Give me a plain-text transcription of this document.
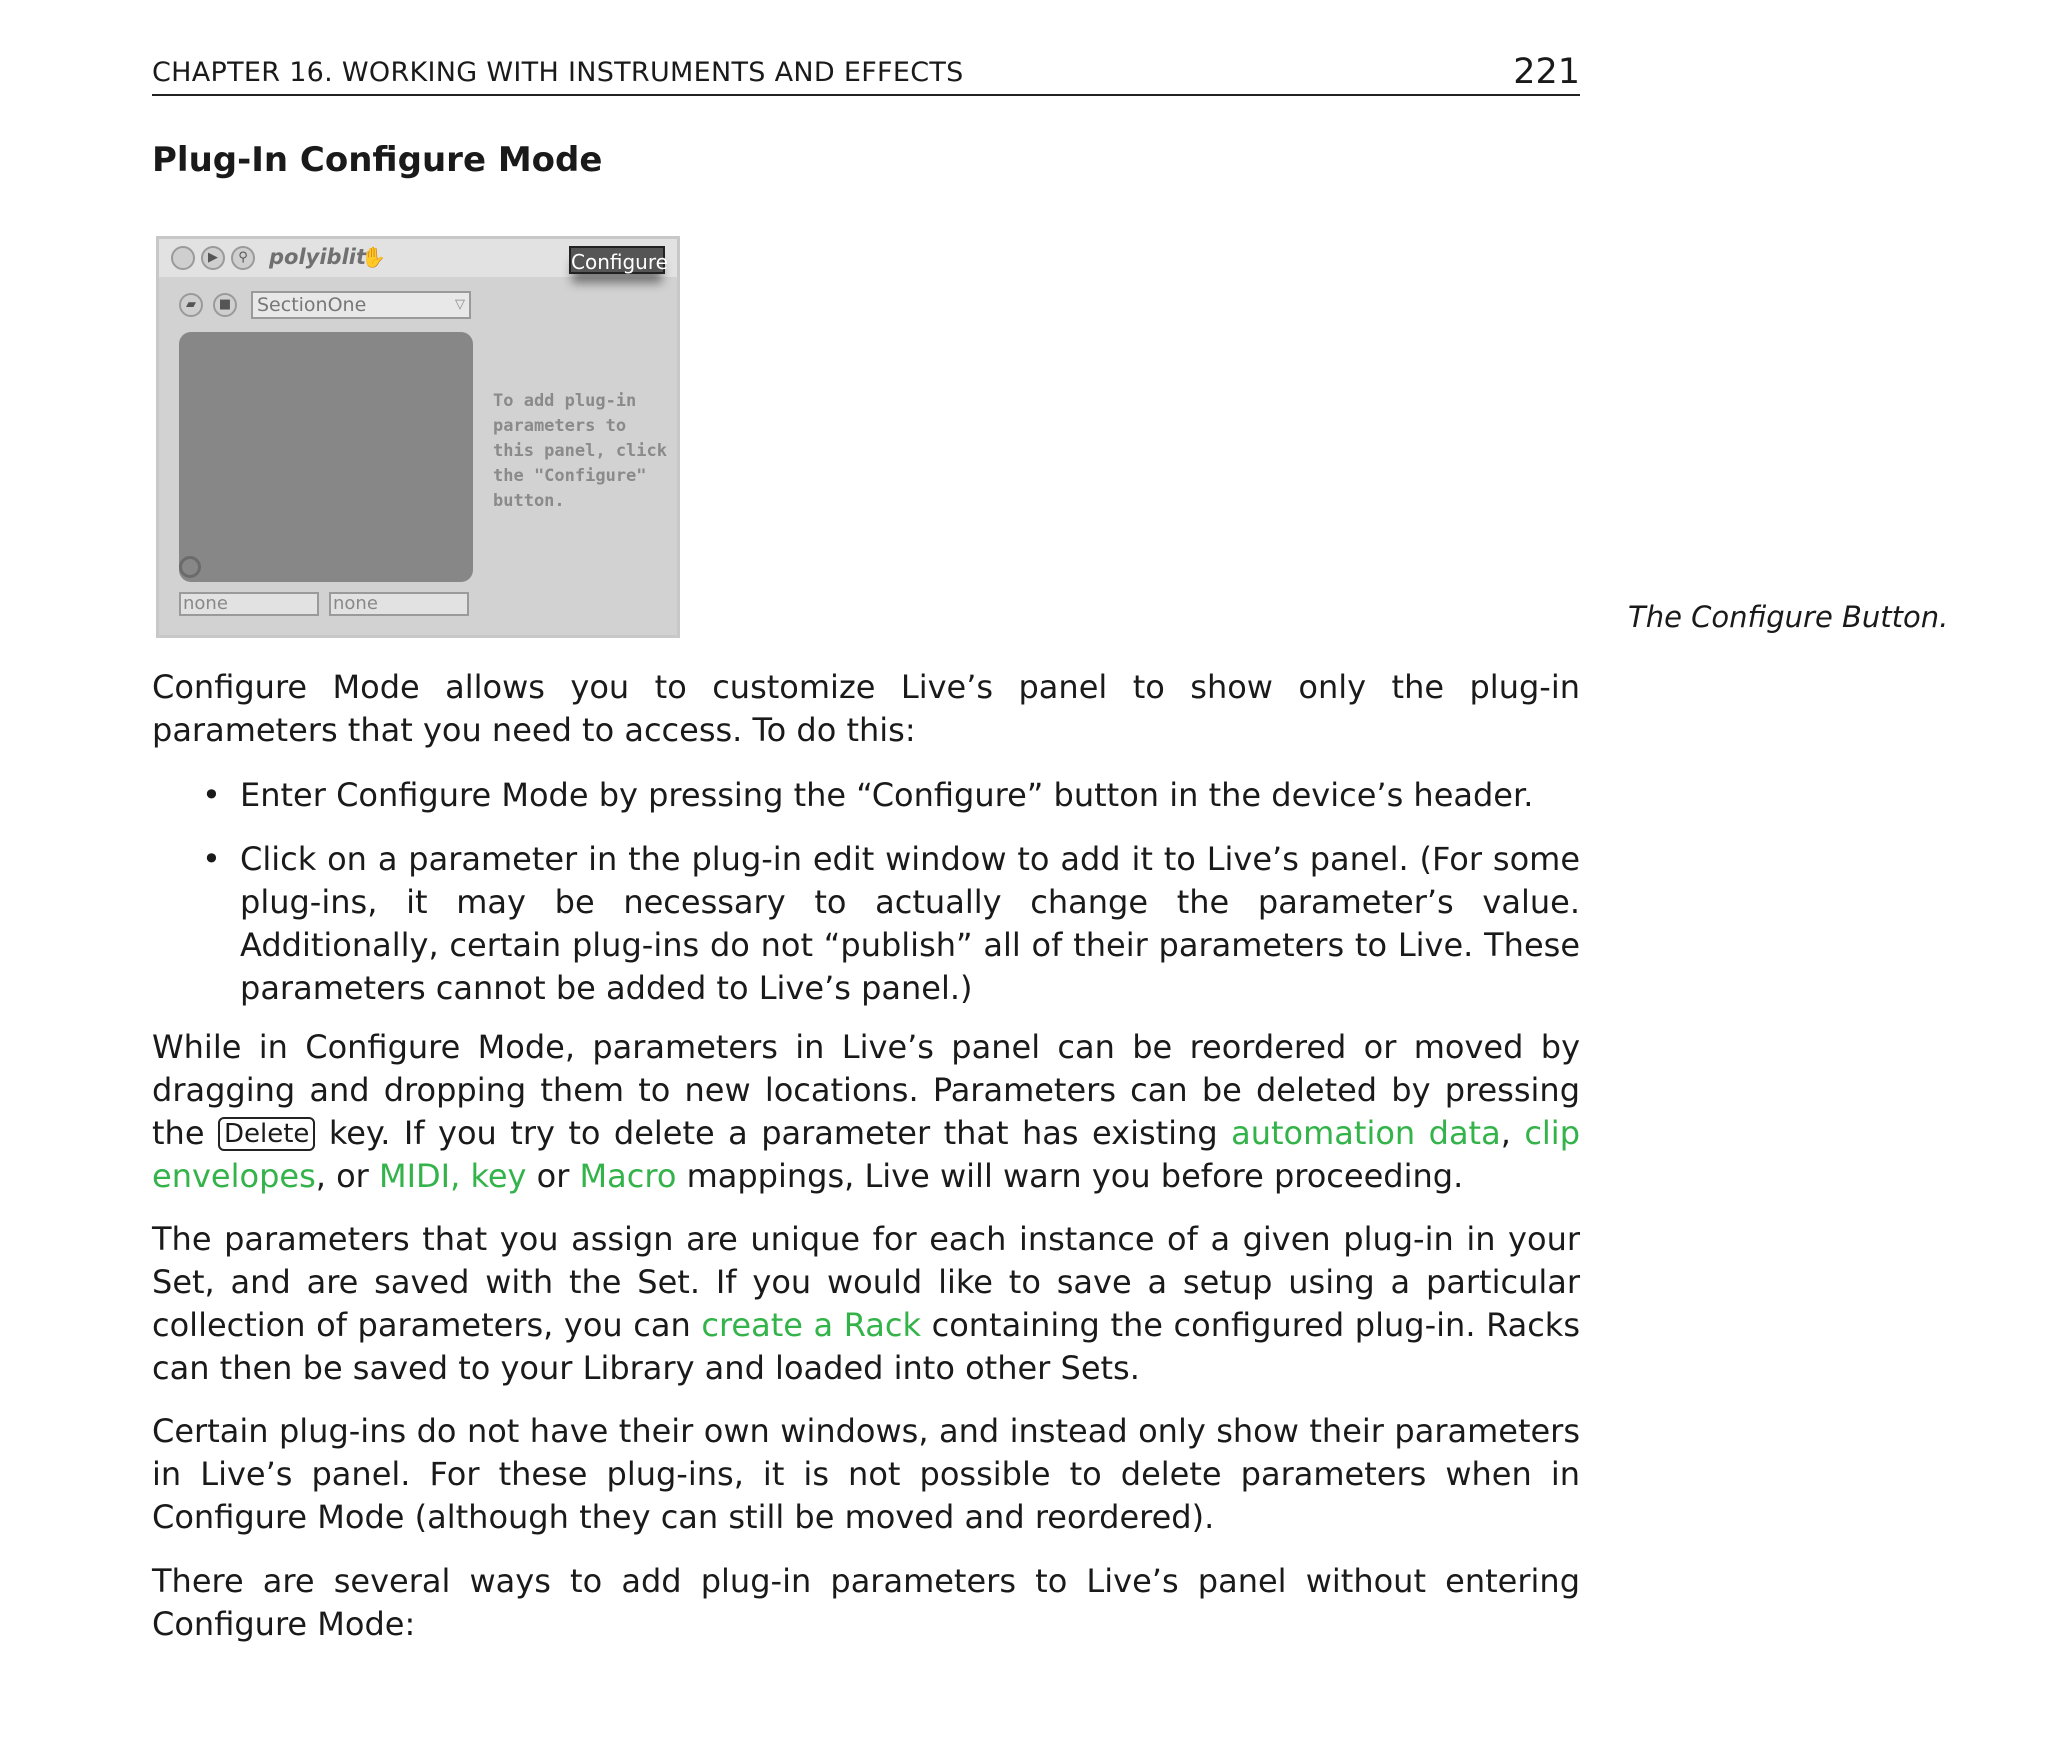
CHAPTER 16. WORKING WITH INSTRUMENTS AND EFFECTS	221
Plug-In Configure Mode
▶	⚲	polyiblit
✋	Configure
▰	■	SectionOne	▽
To add plug-in
parameters to
this panel, click
the "Configure"
button.
none	none	The Configure Button.

Configure Mode allows you to customize Live’s panel to show only the plug-in parameters that you need to access. To do this:

• Enter Configure Mode by pressing the “Configure” button in the device’s header.

• Click on a parameter in the plug-in edit window to add it to Live’s panel. (For some plug-ins, it may be necessary to actually change the parameter’s value. Additionally, certain plug-ins do not “publish” all of their parameters to Live. These parameters cannot be added to Live’s panel.)

While in Configure Mode, parameters in Live’s panel can be reordered or moved by dragging and dropping them to new locations. Parameters can be deleted by pressing the Delete key. If you try to delete a parameter that has existing automation data, clip envelopes, or MIDI, key or Macro mappings, Live will warn you before proceeding.

The parameters that you assign are unique for each instance of a given plug-in in your Set, and are saved with the Set. If you would like to save a setup using a particular collection of parameters, you can create a Rack containing the configured plug-in. Racks can then be saved to your Library and loaded into other Sets.

Certain plug-ins do not have their own windows, and instead only show their parameters in Live’s panel. For these plug-ins, it is not possible to delete parameters when in Configure Mode (although they can still be moved and reordered).

There are several ways to add plug-in parameters to Live’s panel without entering Configure Mode:
